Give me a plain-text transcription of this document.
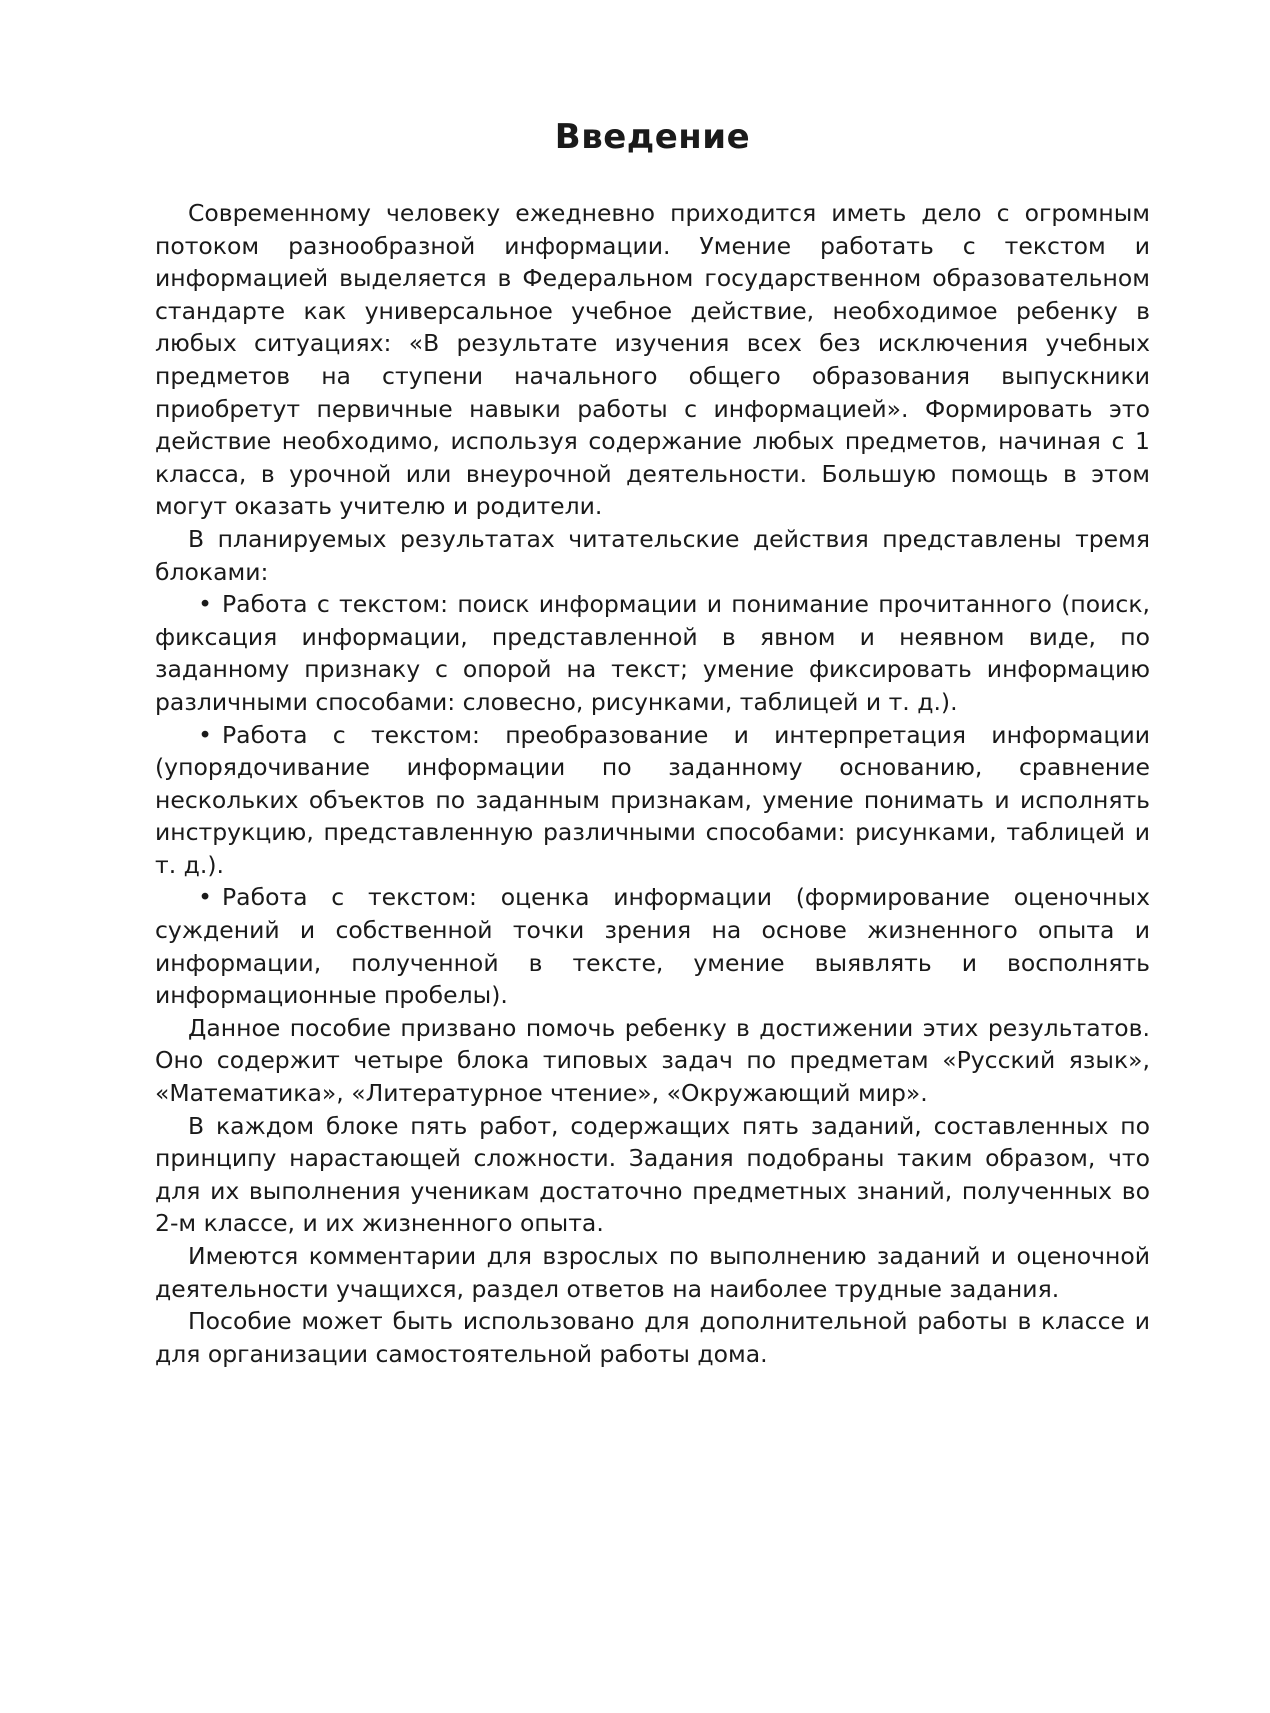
Введение

Современному человеку ежедневно приходится иметь дело с огромным потоком разнообразной информации. Умение работать с текстом и информацией выделяется в Федеральном государственном образовательном стандарте как универсальное учебное действие, необходимое ребенку в любых ситуациях: «В результате изучения всех без исключения учебных предметов на ступени начального общего образования выпускники приобретут первичные навыки работы с информацией». Формировать это действие необходимо, используя содержание любых предметов, начиная с 1 класса, в урочной или внеурочной деятельности. Большую помощь в этом могут оказать учителю и родители.

В планируемых результатах читательские действия представлены тремя блоками:

• Работа с текстом: поиск информации и понимание прочитанного (поиск, фиксация информации, представленной в явном и неявном виде, по заданному признаку с опорой на текст; умение фиксировать информацию различными способами: словесно, рисунками, таблицей и т. д.).

• Работа с текстом: преобразование и интерпретация информации (упорядочивание информации по заданному основанию, сравнение нескольких объектов по заданным признакам, умение понимать и исполнять инструкцию, представленную различными способами: рисунками, таблицей и т. д.).

• Работа с текстом: оценка информации (формирование оценочных суждений и собственной точки зрения на основе жизненного опыта и информации, полученной в тексте, умение выявлять и восполнять информационные пробелы).

Данное пособие призвано помочь ребенку в достижении этих результатов. Оно содержит четыре блока типовых задач по предметам «Русский язык», «Математика», «Литературное чтение», «Окружающий мир».

В каждом блоке пять работ, содержащих пять заданий, составленных по принципу нарастающей сложности. Задания подобраны таким образом, что для их выполнения ученикам достаточно предметных знаний, полученных во 2-м классе, и их жизненного опыта.

Имеются комментарии для взрослых по выполнению заданий и оценочной деятельности учащихся, раздел ответов на наиболее трудные задания.

Пособие может быть использовано для дополнительной работы в классе и для организации самостоятельной работы дома.
